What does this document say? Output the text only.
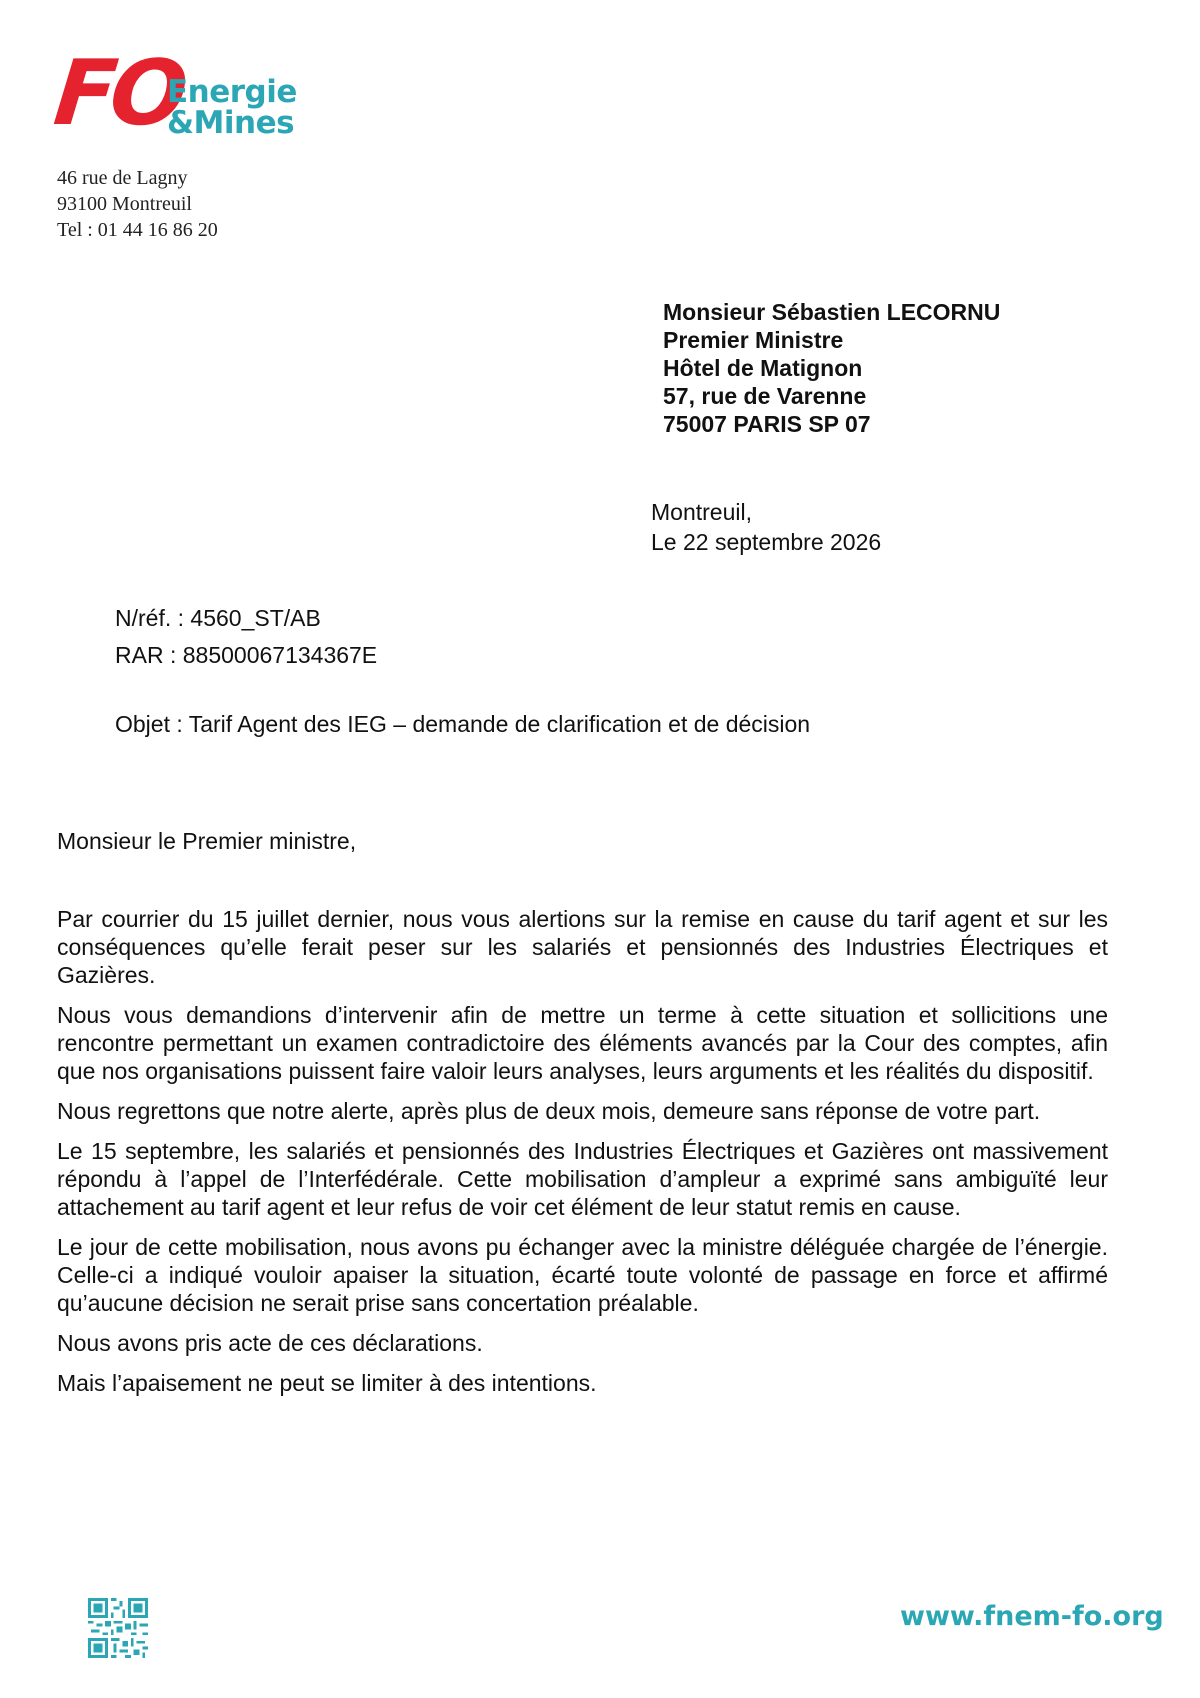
FO
Energie
&Mines
46 rue de Lagny
93100 Montreuil
Tel : 01 44 16 86 20
Monsieur Sébastien LECORNU
Premier Ministre
Hôtel de Matignon
57, rue de Varenne
75007 PARIS SP 07
Montreuil,
Le 22 septembre 2026
N/réf. : 4560_ST/AB
RAR : 88500067134367E
Objet : Tarif Agent des IEG – demande de clarification et de décision
Monsieur le Premier ministre,

Par courrier du 15 juillet dernier, nous vous alertions sur la remise en cause du tarif agent et sur les conséquences qu’elle ferait peser sur les salariés et pensionnés des Industries Électriques et Gazières.

Nous vous demandions d’intervenir afin de mettre un terme à cette situation et sollicitions une rencontre permettant un examen contradictoire des éléments avancés par la Cour des comptes, afin que nos organisations puissent faire valoir leurs analyses, leurs arguments et les réalités du dispositif.

Nous regrettons que notre alerte, après plus de deux mois, demeure sans réponse de votre part.

Le 15 septembre, les salariés et pensionnés des Industries Électriques et Gazières ont massivement répondu à l’appel de l’Interfédérale. Cette mobilisation d’ampleur a exprimé sans ambiguïté leur attachement au tarif agent et leur refus de voir cet élément de leur statut remis en cause.

Le jour de cette mobilisation, nous avons pu échanger avec la ministre déléguée chargée de l’énergie. Celle-ci a indiqué vouloir apaiser la situation, écarté toute volonté de passage en force et affirmé qu’aucune décision ne serait prise sans concertation préalable.

Nous avons pris acte de ces déclarations.

Mais l’apaisement ne peut se limiter à des intentions.

www.fnem-fo.org
